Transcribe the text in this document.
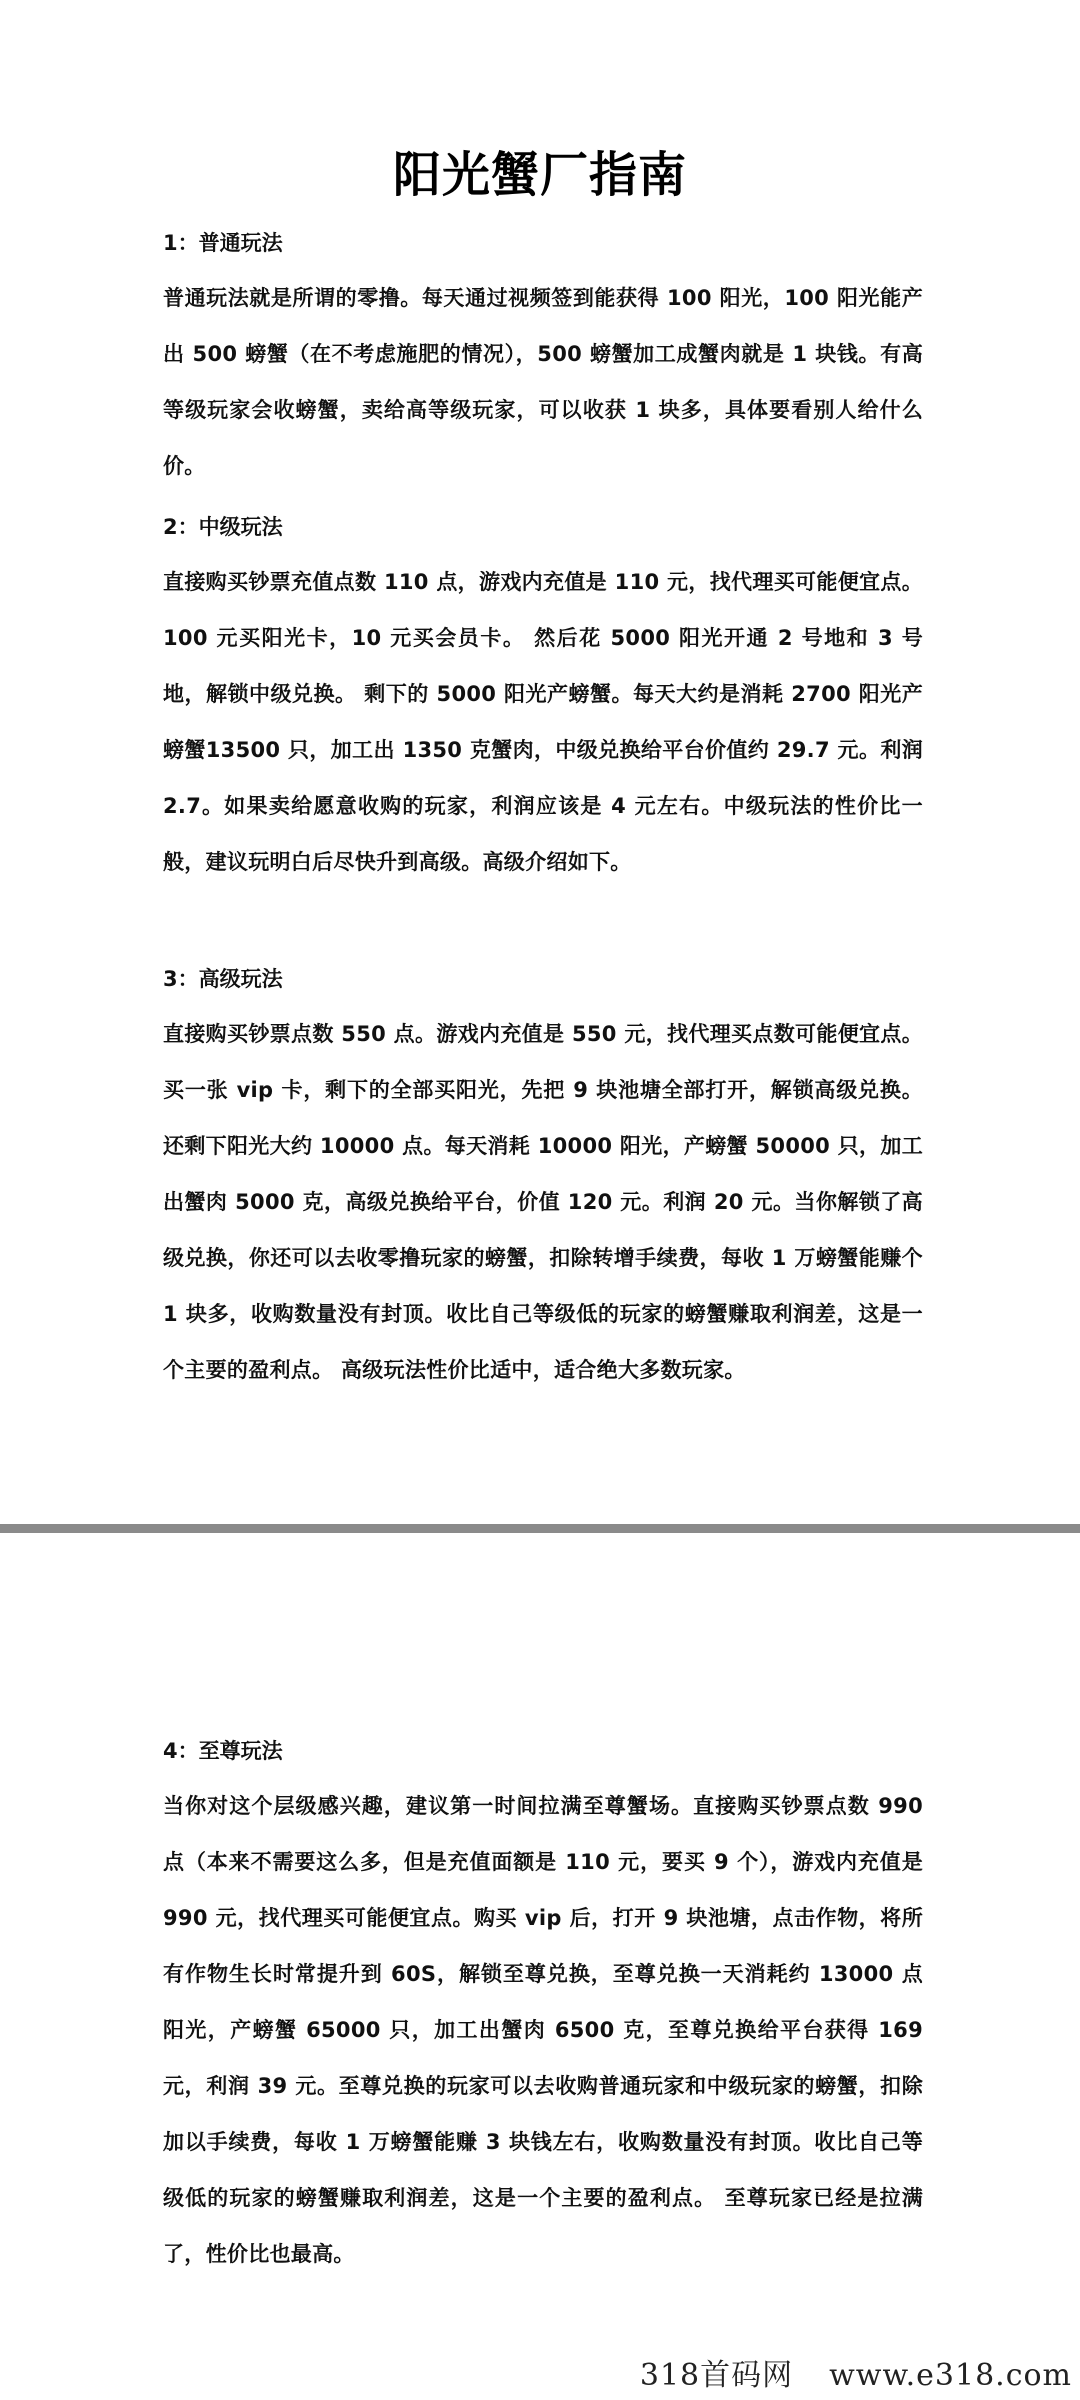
阳光蟹厂指南

1：普通玩法

普通玩法就是所谓的零撸。每天通过视频签到能获得 100 阳光，100 阳光能产出 500 螃蟹（在不考虑施肥的情况），500 螃蟹加工成蟹肉就是 1 块钱。有高等级玩家会收螃蟹，卖给高等级玩家，可以收获 1 块多，具体要看别人给什么价。

2：中级玩法

直接购买钞票充值点数 110 点，游戏内充值是 110 元，找代理买可能便宜点。100 元买阳光卡，10 元买会员卡。 然后花 5000 阳光开通 2 号地和 3 号地，解锁中级兑换。 剩下的 5000 阳光产螃蟹。每天大约是消耗 2700 阳光产螃蟹13500 只，加工出 1350 克蟹肉，中级兑换给平台价值约 29.7 元。利润 2.7。如果卖给愿意收购的玩家，利润应该是 4 元左右。中级玩法的性价比一般，建议玩明白后尽快升到高级。高级介绍如下。

3：高级玩法

直接购买钞票点数 550 点。游戏内充值是 550 元，找代理买点数可能便宜点。买一张 vip 卡，剩下的全部买阳光，先把 9 块池塘全部打开，解锁高级兑换。还剩下阳光大约 10000 点。每天消耗 10000 阳光，产螃蟹 50000 只，加工出蟹肉 5000 克，高级兑换给平台，价值 120 元。利润 20 元。当你解锁了高级兑换，你还可以去收零撸玩家的螃蟹，扣除转增手续费，每收 1 万螃蟹能赚个 1 块多，收购数量没有封顶。收比自己等级低的玩家的螃蟹赚取利润差，这是一个主要的盈利点。 高级玩法性价比适中，适合绝大多数玩家。

4：至尊玩法

当你对这个层级感兴趣，建议第一时间拉满至尊蟹场。直接购买钞票点数 990 点（本来不需要这么多，但是充值面额是 110 元，要买 9 个），游戏内充值是990 元，找代理买可能便宜点。购买 vip 后，打开 9 块池塘，点击作物，将所有作物生长时常提升到 60S，解锁至尊兑换，至尊兑换一天消耗约 13000 点阳光，产螃蟹 65000 只，加工出蟹肉 6500 克，至尊兑换给平台获得 169 元，利润 39 元。至尊兑换的玩家可以去收购普通玩家和中级玩家的螃蟹，扣除加以手续费，每收 1 万螃蟹能赚 3 块钱左右，收购数量没有封顶。收比自己等级低的玩家的螃蟹赚取利润差，这是一个主要的盈利点。 至尊玩家已经是拉满了，性价比也最高。

318首码网 www.e318.com
